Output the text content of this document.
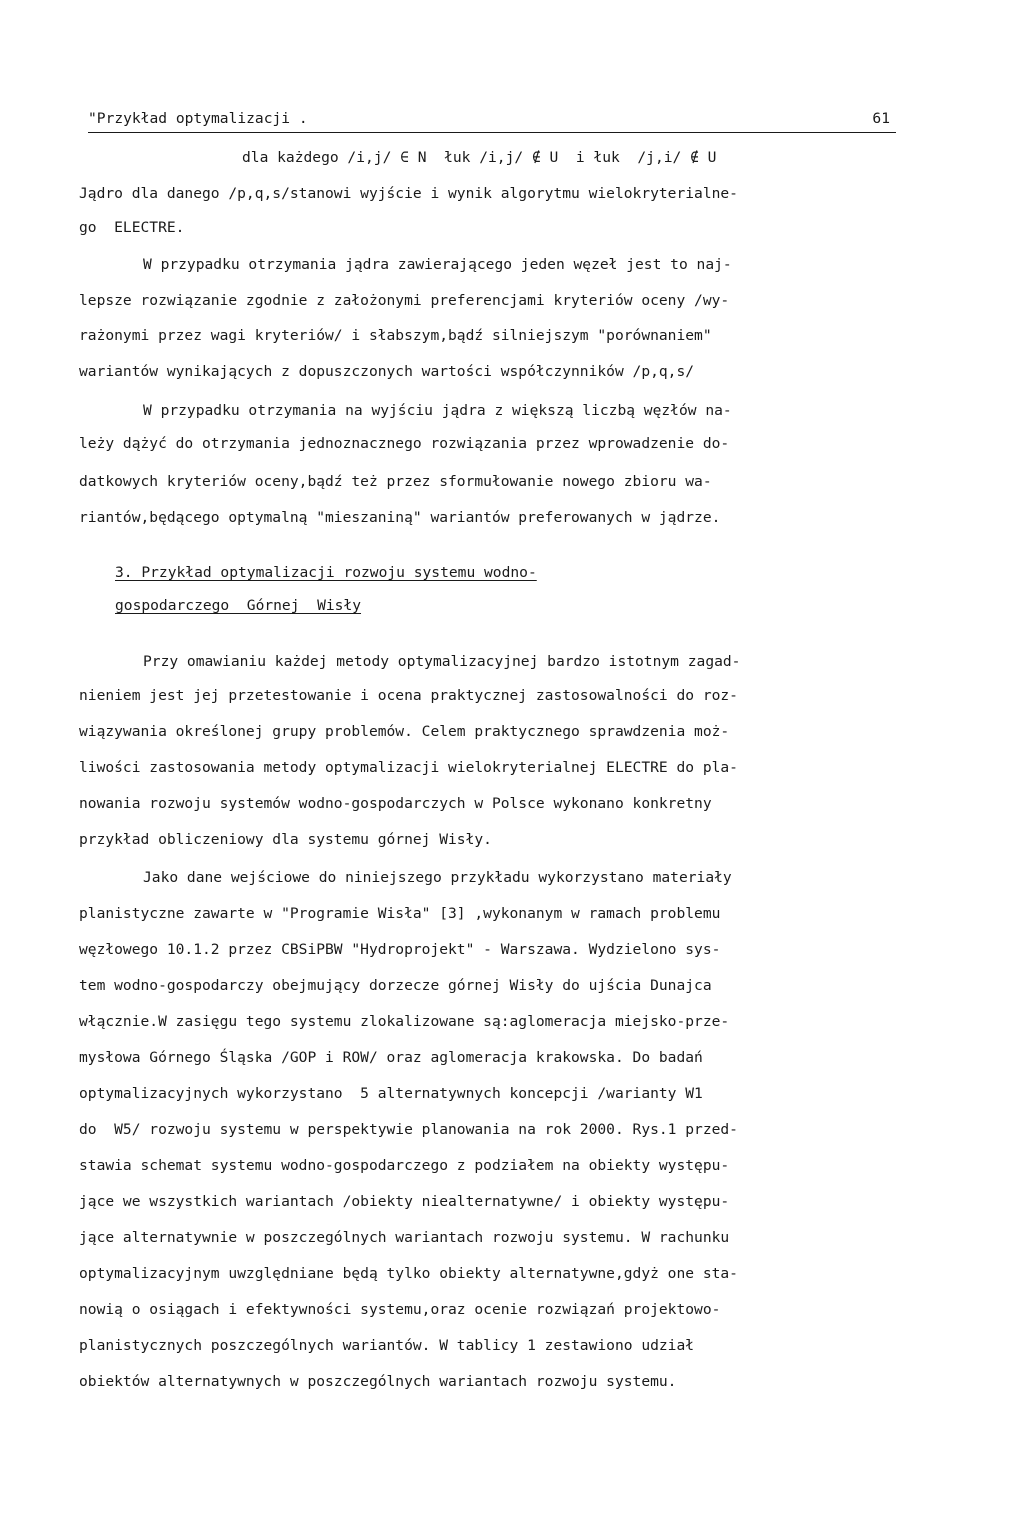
"Przykład optymalizacji .	61
dla każdego /i,j/ ∈ N  łuk /i,j/ ∉ U  i łuk  /j,i/ ∉ U
Jądro dla danego /p,q,s/stanowi wyjście i wynik algorytmu wielokryterialne-
go  ELECTRE.
W przypadku otrzymania jądra zawierającego jeden węzeł jest to naj-
lepsze rozwiązanie zgodnie z założonymi preferencjami kryteriów oceny /wy-
rażonymi przez wagi kryteriów/ i słabszym,bądź silniejszym "porównaniem"
wariantów wynikających z dopuszczonych wartości współczynników /p,q,s/
W przypadku otrzymania na wyjściu jądra z większą liczbą węzłów na-
leży dążyć do otrzymania jednoznacznego rozwiązania przez wprowadzenie do-
datkowych kryteriów oceny,bądź też przez sformułowanie nowego zbioru wa-
riantów,będącego optymalną "mieszaniną" wariantów preferowanych w jądrze.
3. Przykład optymalizacji rozwoju systemu wodno-
gospodarczego  Górnej  Wisły
Przy omawianiu każdej metody optymalizacyjnej bardzo istotnym zagad-
nieniem jest jej przetestowanie i ocena praktycznej zastosowalności do roz-
wiązywania określonej grupy problemów. Celem praktycznego sprawdzenia moż-
liwości zastosowania metody optymalizacji wielokryterialnej ELECTRE do pla-
nowania rozwoju systemów wodno-gospodarczych w Polsce wykonano konkretny
przykład obliczeniowy dla systemu górnej Wisły.
Jako dane wejściowe do niniejszego przykładu wykorzystano materiały
planistyczne zawarte w "Programie Wisła" [3] ,wykonanym w ramach problemu
węzłowego 10.1.2 przez CBSiPBW "Hydroprojekt" - Warszawa. Wydzielono sys-
tem wodno-gospodarczy obejmujący dorzecze górnej Wisły do ujścia Dunajca
włącznie.W zasięgu tego systemu zlokalizowane są:aglomeracja miejsko-prze-
mysłowa Górnego Śląska /GOP i ROW/ oraz aglomeracja krakowska. Do badań
optymalizacyjnych wykorzystano  5 alternatywnych koncepcji /warianty W1
do  W5/ rozwoju systemu w perspektywie planowania na rok 2000. Rys.1 przed-
stawia schemat systemu wodno-gospodarczego z podziałem na obiekty występu-
jące we wszystkich wariantach /obiekty niealternatywne/ i obiekty występu-
jące alternatywnie w poszczególnych wariantach rozwoju systemu. W rachunku
optymalizacyjnym uwzględniane będą tylko obiekty alternatywne,gdyż one sta-
nowią o osiągach i efektywności systemu,oraz ocenie rozwiązań projektowo-
planistycznych poszczególnych wariantów. W tablicy 1 zestawiono udział
obiektów alternatywnych w poszczególnych wariantach rozwoju systemu.
